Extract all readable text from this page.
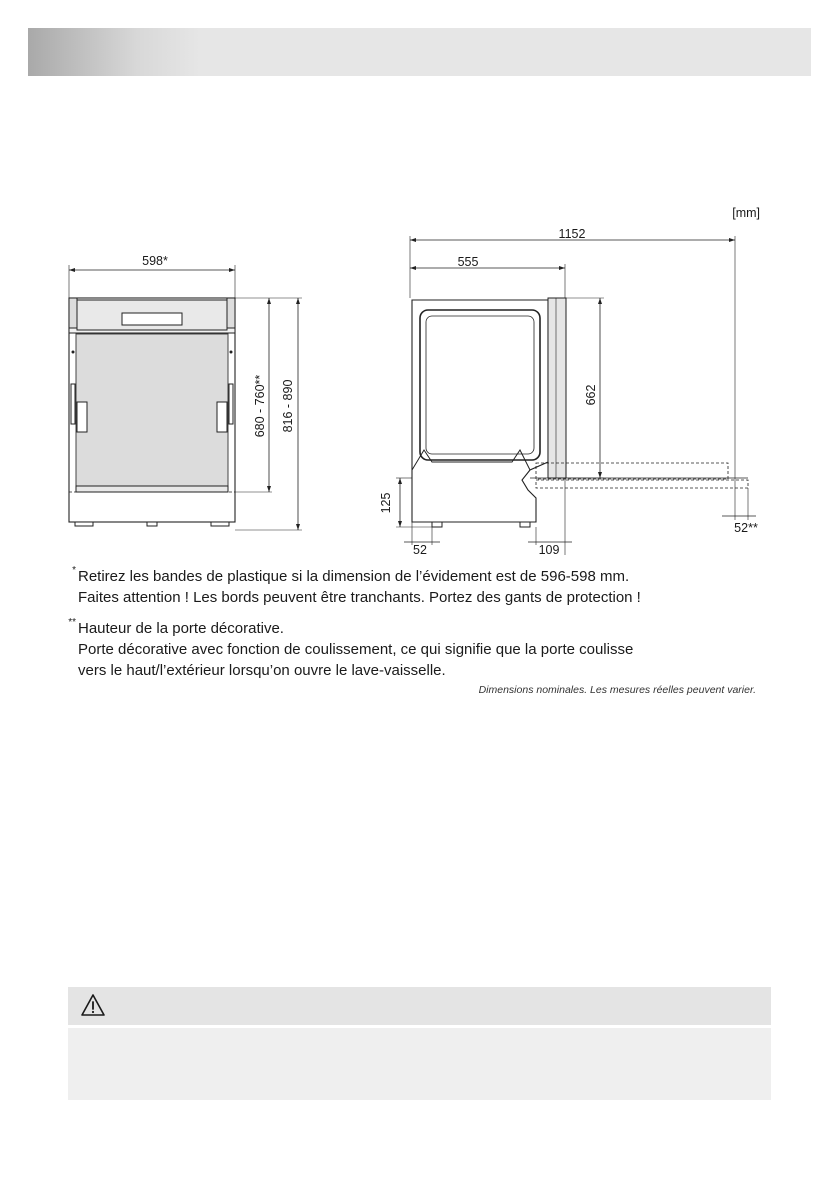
[mm]
598*
680 - 760** 816 - 890
1152
555
662
125
52	109
52**
* Retirez les bandes de plastique si la dimension de l’évidement est de 596-598 mm.
Faites attention ! Les bords peuvent être tranchants. Portez des gants de protection !
** Hauteur de la porte décorative.
Porte décorative avec fonction de coulissement, ce qui signifie que la porte coulisse
vers le haut/l’extérieur lorsqu’on ouvre le lave-vaisselle.
Dimensions nominales. Les mesures réelles peuvent varier.
